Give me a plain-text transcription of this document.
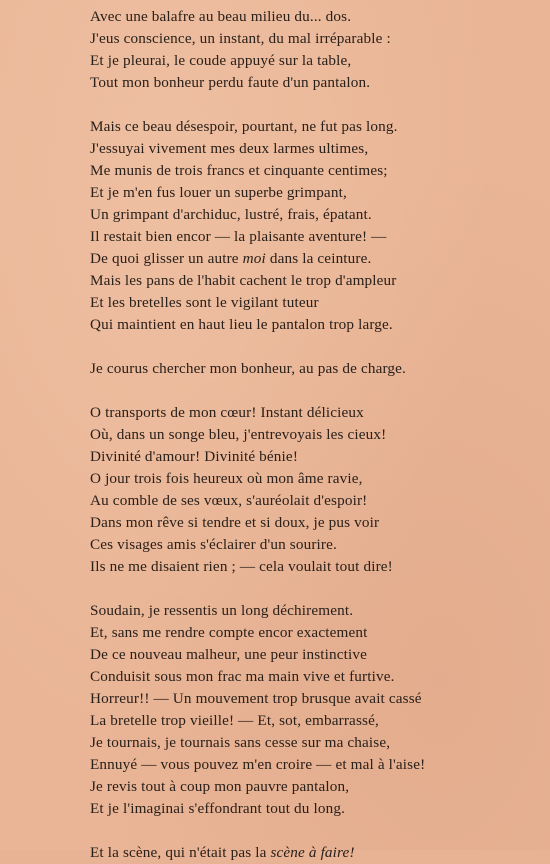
Avec une balafre au beau milieu du... dos.
J'eus conscience, un instant, du mal irréparable :
Et je pleurai, le coude appuyé sur la table,
Tout mon bonheur perdu faute d'un pantalon.
Mais ce beau désespoir, pourtant, ne fut pas long.
J'essuyai vivement mes deux larmes ultimes,
Me munis de trois francs et cinquante centimes;
Et je m'en fus louer un superbe grimpant,
Un grimpant d'archiduc, lustré, frais, épatant.
Il restait bien encor — la plaisante aventure! —
De quoi glisser un autre moi dans la ceinture.
Mais les pans de l'habit cachent le trop d'ampleur
Et les bretelles sont le vigilant tuteur
Qui maintient en haut lieu le pantalon trop large.
Je courus chercher mon bonheur, au pas de charge.
O transports de mon cœur! Instant délicieux
Où, dans un songe bleu, j'entrevoyais les cieux!
Divinité d'amour! Divinité bénie!
O jour trois fois heureux où mon âme ravie,
Au comble de ses vœux, s'auréolait d'espoir!
Dans mon rêve si tendre et si doux, je pus voir
Ces visages amis s'éclairer d'un sourire.
Ils ne me disaient rien ; — cela voulait tout dire!
Soudain, je ressentis un long déchirement.
Et, sans me rendre compte encor exactement
De ce nouveau malheur, une peur instinctive
Conduisit sous mon frac ma main vive et furtive.
Horreur!! — Un mouvement trop brusque avait cassé
La bretelle trop vieille! — Et, sot, embarrassé,
Je tournais, je tournais sans cesse sur ma chaise,
Ennuyé — vous pouvez m'en croire — et mal à l'aise!
Je revis tout à coup mon pauvre pantalon,
Et je l'imaginai s'effondrant tout du long.
Et la scène, qui n'était pas la scène à faire!
